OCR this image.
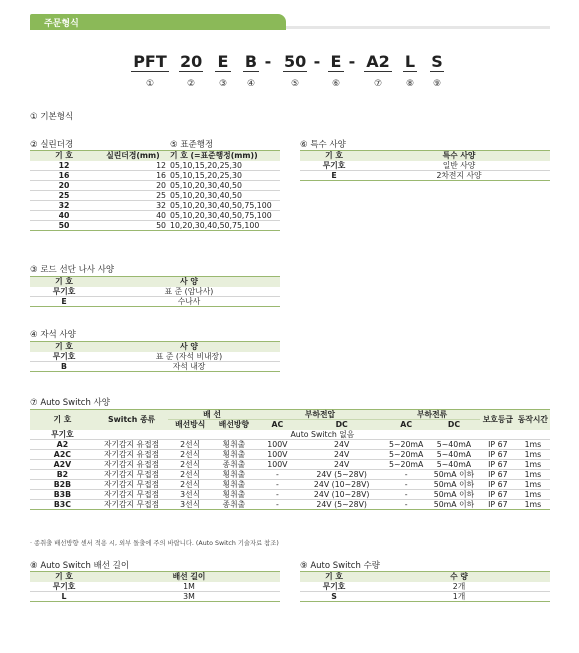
주문형식
PFT 20 E B - 50 - E - A2 L S
①	②	③	④	⑤	⑥	⑦	⑧	⑨
① 기본형식
② 실린더경	⑤ 표준행정
기 호	실린더경(mm)	기 호 (=표준행정(mm))
12	12	05,10,15,20,25,30
16	16	05,10,15,20,25,30
20	20	05,10,20,30,40,50
25	25	05,10,20,30,40,50
32	32	05,10,20,30,40,50,75,100
40	40	05,10,20,30,40,50,75,100
50	50	10,20,30,40,50,75,100
⑥ 특수 사양
기 호	특수 사양
무기호	일반 사양
E	2차전지 사양
③ 로드 선단 나사 사양
기 호	사 양
무기호	표 준 (암나사)
E	수나사
④ 자석 사양
기 호	사 양
무기호	표 준 (자석 비내장)
B	자석 내장
⑦ Auto Switch 사양
기 호	Switch 종류	배 선		부하전압		부하전류		보호등급	동작시간
		배선방식	배선방향	AC	DC	AC	DC		
무기호	Auto Switch 없음								
A2	자기감지 유접점	2선식	횡취출	100V	24V	5~20mA	5~40mA	IP 67	1ms
A2C	자기감지 유접점	2선식	횡취출	100V	24V	5~20mA	5~40mA	IP 67	1ms
A2V	자기감지 유접점	2선식	종취출	100V	24V	5~20mA	5~40mA	IP 67	1ms
B2	자기감지 무접점	2선식	횡취출	-	24V (5~28V)	-	50mA 이하	IP 67	1ms
B2B	자기감지 무접점	2선식	횡취출	-	24V (10~28V)	-	50mA 이하	IP 67	1ms
B3B	자기감지 무접점	3선식	횡취출	-	24V (10~28V)	-	50mA 이하	IP 67	1ms
B3C	자기감지 무접점	3선식	종취출	-	24V (5~28V)	-	50mA 이하	IP 67	1ms
· 종취출 배선방향 센서 적용 시, 외부 돌출에 주의 바랍니다. (Auto Switch 기술자료 참조)
⑧ Auto Switch 배선 길이
기 호	배선 길이
무기호	1M
L	3M
⑨ Auto Switch 수량
기 호	수 량
무기호	2개
S	1개
